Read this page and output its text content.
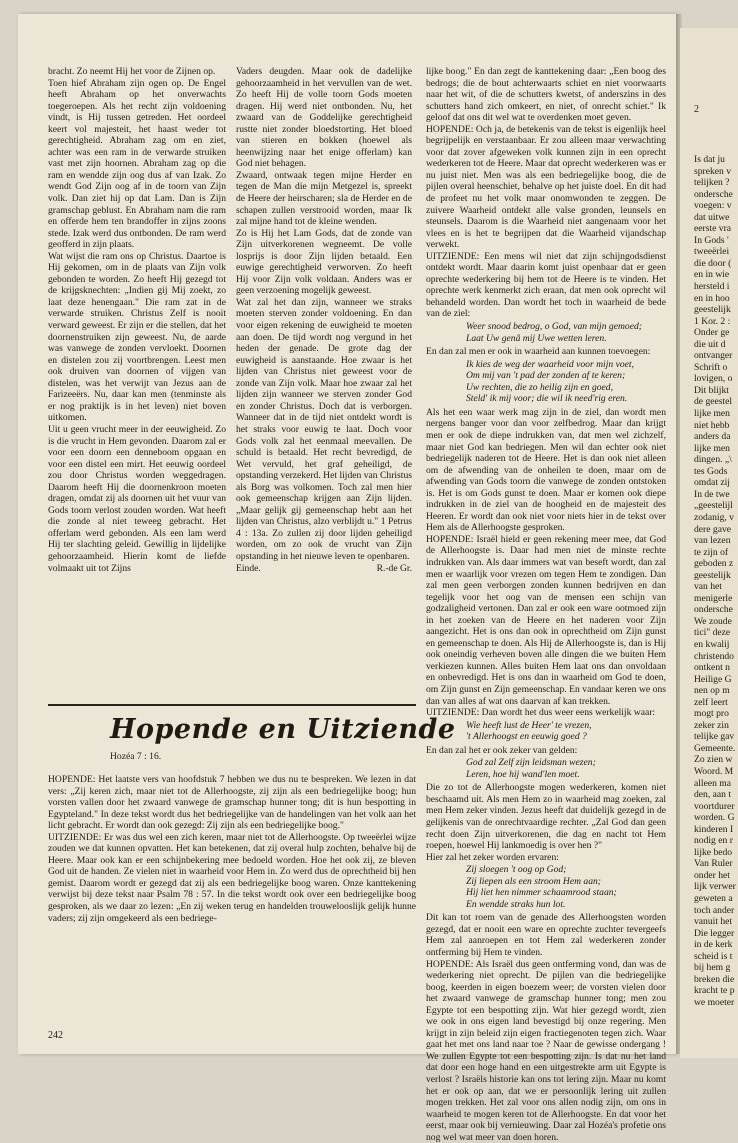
bracht. Zo neemt Hij het voor de Zijnen op.

Toen hief Abraham zijn ogen op. De Engel heeft Abraham op het onverwachts toegeroepen. Als het recht zijn voldoening vindt, is Hij tussen getreden. Het oordeel keert vol majesteit, het haast weder tot gerechtigheid. Abraham zag om en ziet, achter was een ram in de verwarde struiken vast met zijn hoornen. Abraham zag op die ram en wendde zijn oog dus af van Izak. Zo wendt God Zijn oog af in de toorn van Zijn volk. Dan ziet hij op dat Lam. Dan is Zijn gramschap geblust. En Abraham nam die ram en offerde hem ten brandoffer in zijns zoons stede. Izak werd dus ontbonden. De ram werd geofferd in zijn plaats.

Wat wijst die ram ons op Christus. Daartoe is Hij gekomen, om in de plaats van Zijn volk gebonden te worden. Zo heeft Hij gezegd tot de krijgsknechten: „Indien gij Mij zoekt, zo laat deze henengaan." Die ram zat in de verwarde struiken. Christus Zelf is nooit verward geweest. Er zijn er die stellen, dat het doornenstruiken zijn geweest. Nu, de aarde was vanwege de zonden vervloekt. Doornen en distelen zou zij voortbrengen. Leest men ook druiven van doornen of vijgen van distelen, was het verwijt van Jezus aan de Farizeeërs. Nu, daar kan men (tenminste als er nog praktijk is in het leven) niet boven uitkomen.

Uit u geen vrucht meer in der eeuwigheid. Zo is die vrucht in Hem gevonden. Daarom zal er voor een doorn een denneboom opgaan en voor een distel een mirt. Het eeuwig oordeel zou door Christus worden weggedragen. Daarom heeft Hij die doornenkroon moeten dragen, omdat zij als doornen uit het vuur van Gods toorn verlost zouden worden. Wat heeft die zonde al niet teweeg gebracht. Het offerlam werd gebonden. Als een lam werd Hij ter slachting geleid. Gewillig in lijdelijke gehoorzaamheid. Hierin komt de liefde volmaakt uit tot Zijns

Vaders deugden. Maar ook de dadelijke gehoorzaamheid in het vervullen van de wet. Zo heeft Hij de volle toorn Gods moeten dragen. Hij werd niet ontbonden. Nu, het zwaard van de Goddelijke gerechtigheid rustte niet zonder bloedstorting. Het bloed van stieren en bokken (hoewel als heenwijzing naar het enige offerlam) kan God niet behagen.

Zwaard, ontwaak tegen mijne Herder en tegen de Man die mijn Metgezel is, spreekt de Heere der heirscharen; sla de Herder en de schapen zullen verstrooid worden, maar Ik zal mijne hand tot de kleine wenden.

Zo is Hij het Lam Gods, dat de zonde van Zijn uitverkorenen wegneemt. De volle losprijs is door Zijn lijden betaald. Een euwige gerechtigheid verworven. Zo heeft Hij voor Zijn volk voldaan. Anders was er geen verzoening mogelijk geweest.

Wat zal het dan zijn, wanneer we straks moeten sterven zonder voldoening. En dan voor eigen rekening de euwigheid te moeten aan doen. De tijd wordt nog vergund in het heden der genade. De grote dag der euwigheid is aanstaande. Hoe zwaar is het lijden van Christus niet geweest voor de zonde van Zijn volk. Maar hoe zwaar zal het lijden zijn wanneer we sterven zonder God en zonder Christus. Doch dat is verborgen. Wanneer dat in de tijd niet ontdekt wordt is het straks voor euwig te laat. Doch voor Gods volk zal het eenmaal meevallen. De schuld is betaald. Het recht bevredigd, de Wet vervuld, het graf geheiligd, de opstanding verzekerd. Het lijden van Christus als Borg was volkomen. Toch zal men hier ook gemeenschap krijgen aan Zijn lijden. „Maar gelijk gij gemeenschap hebt aan het lijden van Christus, alzo verblijdt u." 1 Petrus 4 : 13a. Zo zullen zij door lijden geheiligd worden, om zo ook de vrucht van Zijn opstanding in het nieuwe leven te openbaren.

Einde.	R.-de Gr.

Hopende en Uitziende
Hozéa 7 : 16.

HOPENDE: Het laatste vers van hoofdstuk 7 hebben we dus nu te bespreken. We lezen in dat vers: „Zij keren zich, maar niet tot de Allerhoogste, zij zijn als een bedriegelijke boog; hun vorsten vallen door het zwaard vanwege de gramschap hunner tong; dit is hun bespotting in Egypteland." In deze tekst wordt dus het bedriegelijke van de handelingen van het volk aan het licht gebracht. Er wordt dan ook gezegd: Zij zijn als een bedriegelijke boog."

UITZIENDE: Er was dus wel een zich keren, maar niet tot de Allerhoogste. Op tweeërlei wijze zouden we dat kunnen opvatten. Het kan betekenen, dat zij overal hulp zochten, behalve bij de Heere. Maar ook kan er een schijnbekering mee bedoeld worden. Hoe het ook zij, ze bleven God uit de handen. Ze vielen niet in waarheid voor Hem in. Zo werd dus de oprechtheid bij hen gemist. Daarom wordt er gezegd dat zij als een bedriegelijke boog waren. Onze kanttekening verwijst bij deze tekst naar Psalm 78 : 57. In die tekst wordt ook over een bedriegelijke boog gesproken, als we daar zo lezen: „En zij weken terug en handelden trouwelooslijk gelijk hunne vaders; zij zijn omgekeerd als een bedriege-

lijke boog." En dan zegt de kanttekening daar: „Een boog des bedrogs; die de bout achterwaarts schiet en niet voorwaarts naar het wit, of die de schutters kwetst, of anderszins in des schutters hand zich omkeert, en niet, of onrecht schiet." Ik geloof dat ons dit wel wat te overdenken moet geven.

HOPENDE: Och ja, de betekenis van de tekst is eigenlijk heel begrijpelijk en verstaanbaar. Er zou alleen maar verwachting voor dat zover afgeweken volk kunnen zijn in een oprecht wederkeren tot de Heere. Maar dat oprecht wederkeren was er nu juist niet. Men was als een bedriegelijke boog, die de pijlen overal heenschiet, behalve op het juiste doel. En dit had de profeet nu het volk maar onomwonden te zeggen. De zuivere Waarheid ontdekt alle valse gronden, leunsels en steunsels. Daarom is die Waarheid niet aangenaam voor het vlees en is het te begrijpen dat die Waarheid vijandschap verwekt.

UITZIENDE: Een mens wil niet dat zijn schijngodsdienst ontdekt wordt. Maar daarin komt juist openbaar dat er geen oprechte wederkering bij hem tot de Heere is te vinden. Het oprechte werk kenmerkt zich eraan, dat men ook oprecht wil behandeld worden. Dan wordt het toch in waarheid de bede van de ziel:

Weer snood bedrog, o God, van mijn gemoed;
Laat Uw genâ mij Uwe wetten leren.

En dan zal men er ook in waarheid aan kunnen toevoegen:

Ik kies de weg der waarheid voor mijn voet,
Om mij van 't pad der zonden af te keren;
Uw rechten, die zo heilig zijn en goed,
Steld' ik mij voor; die wil ik need'rig eren.

Als het een waar werk mag zijn in de ziel, dan wordt men nergens banger voor dan voor zelfbedrog. Maar dan krijgt men er ook de diepe indrukken van, dat men wel zichzelf, maar niet God kan bedriegen. Men wil dan echter ook niet bedriegelijk naderen tot de Heere. Het is dan ook niet alleen om de afwending van de onheilen te doen, maar om de afwending van Gods toorn die vanwege de zonden ontstoken is. Het is om Gods gunst te doen. Maar er komen ook diepe indrukken in de ziel van de hoogheid en de majesteit des Heeren. Er wordt dan ook niet voor niets hier in de tekst over Hem als de Allerhoogste gesproken.

HOPENDE: Israël hield er geen rekening meer mee, dat God de Allerhoogste is. Daar had men niet de minste rechte indrukken van. Als daar immers wat van beseft wordt, dan zal men er waarlijk voor vrezen om tegen Hem te zondigen. Dan zal men geen verborgen zonden kunnen bedrijven en dan tegelijk voor het oog van de mensen een schijn van godzaligheid vertonen. Dan zal er ook een ware ootmoed zijn in het zoeken van de Heere en het naderen voor Zijn aangezicht. Het is ons dan ook in oprechtheid om Zijn gunst en gemeenschap te doen. Als Hij de Allerhoogste is, dan is Hij ook oneindig verheven boven alle dingen die we buiten Hem verkiezen kunnen. Alles buiten Hem laat ons dan onvoldaan en onbevredigd. Het is ons dan in waarheid om God te doen, om Zijn gunst en Zijn gemeenschap. En vandaar keren we ons dan van alles af wat ons daarvan af kan trekken.

UITZIENDE: Dan wordt het dus weer eens werkelijk waar:

Wie heeft lust de Heer' te vrezen,
't Allerhoogst en eeuwig goed ?

En dan zal het er ook zeker van gelden:

God zal Zelf zijn leidsman wezen;
Leren, hoe hij wand'len moet.

Die zo tot de Allerhoogste mogen wederkeren, komen niet beschaamd uit. Als men Hem zo in waarheid mag zoeken, zal men Hem zeker vinden. Jezus heeft dat duidelijk gezegd in de gelijkenis van de onrechtvaardige rechter. „Zal God dan geen recht doen Zijn uitverkorenen, die dag en nacht tot Hem roepen, hoewel Hij lankmoedig is over hen ?"

Hier zal het zeker worden ervaren:

Zij sloegen 't oog op God;
Zij liepen als een stroom Hem aan;
Hij liet hen nimmer schaamrood staan;
En wendde straks hun lot.

Dit kan tot roem van de genade des Allerhoogsten worden gezegd, dat er nooit een ware en oprechte zuchter tevergeefs Hem zal aanroepen en tot Hem zal wederkeren zonder ontferming bij Hem te vinden.

HOPENDE: Als Israël dus geen ontferming vond, dan was de wederkering niet oprecht. De pijlen van die bedriegelijke boog, keerden in eigen boezem weer; de vorsten vielen door het zwaard vanwege de gramschap hunner tong; men zou Egypte tot een bespotting zijn. Wat hier gezegd wordt, zien we ook in ons eigen land bevestigd bij onze regering. Men krijgt in zijn beleid zijn eigen fractiegenoten tegen zich. Waar gaat het met ons land naar toe ? Naar de gewisse ondergang ! We zullen Egypte tot een bespotting zijn. Is dat nu het land dat door een hoge hand en een uitgestrekte arm uit Egypte is verlost ? Israëls historie kan ons tot lering zijn. Maar nu komt het er ook op aan, dat we er persoonlijk lering uit zullen mogen trekken. Het zal voor ons allen nodig zijn, om ons in waarheid te mogen keren tot de Allerhoogste. En dat voor het eerst, maar ook bij vernieuwing. Daar zal Hozéa's profetie ons nog wel wat meer van doen horen.

242
2
Is dat ju
spreken v
telijken ?
ondersche
voegen: v
dat uitwe
eerste vra
In Gods '
tweeërlei
die door (
en in wie
hersteld i
en in hoo
geestelijk
1 Kor. 2 :
Onder ge
die uit d
ontvanger
Schrift o
lovigen, o
Dit blijkt
de geestel
lijke men
niet hebb
anders da
lijke men
dingen. „\
tes Gods
omdat zij
In de twe
„geestelijl
zodanig, v
dere gave
van lezen
te zijn of
geboden z
geestelijk
van het
menigerle
ondersche
We zoude
tici" deze
en kwalij
christendo
ontkent n
Heilige G
nen op m
zelf leert
mogt pro
zeker zin
telijke gav
Gemeente.
Zo zien w
Woord. M
alleen ma
den, aan t
voortdurer
worden. G
kinderen I
nodig en r
lijke bedo
Van Ruler
onder het
lijk verwer
geweten a
toch ander
vanuit het
Die legger
in de kerk
scheid is t
bij hem g
breken die
kracht te p
we moeter
